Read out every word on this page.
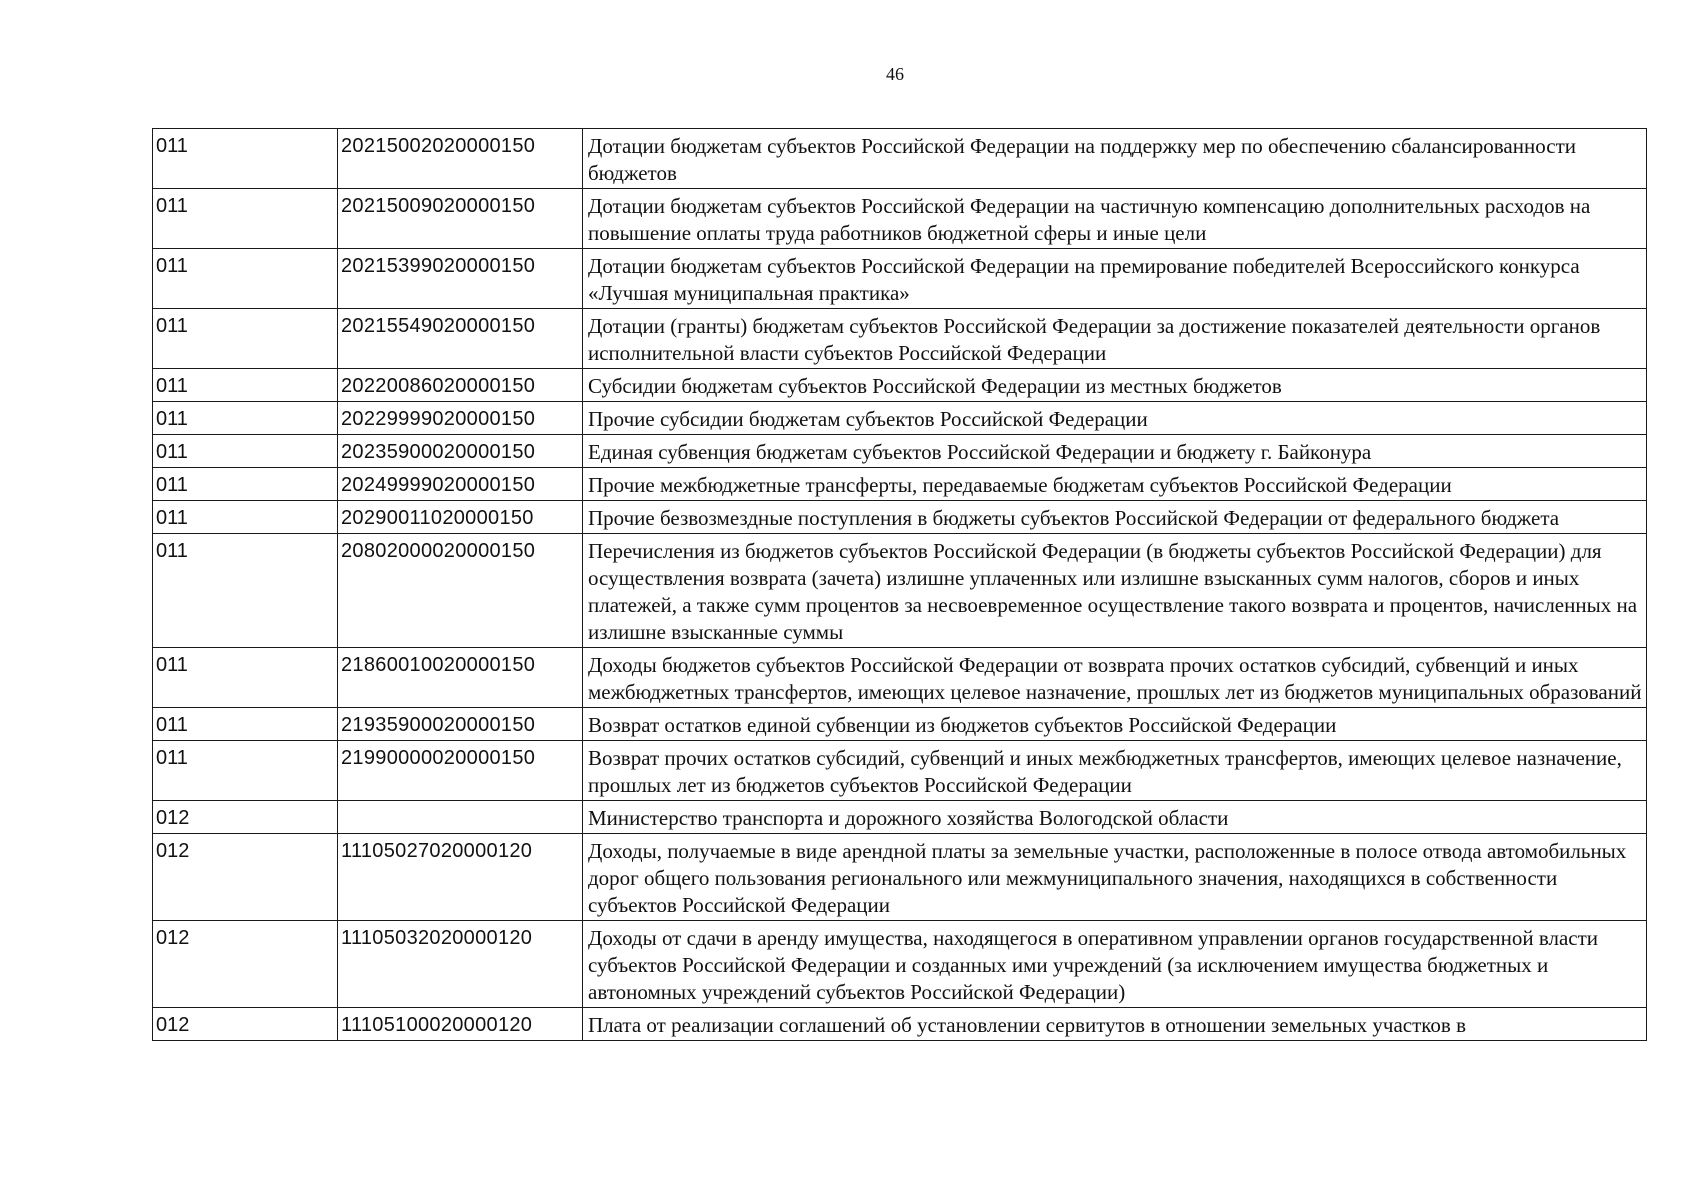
46
011	20215002020000150	Дотации бюджетам субъектов Российской Федерации на поддержку мер по обеспечению сбалансированности бюджетов
011	20215009020000150	Дотации бюджетам субъектов Российской Федерации на частичную компенсацию дополнительных расходов на повышение оплаты труда работников бюджетной сферы и иные цели
011	20215399020000150	Дотации бюджетам субъектов Российской Федерации на премирование победителей Всероссийского конкурса «Лучшая муниципальная практика»
011	20215549020000150	Дотации (гранты) бюджетам субъектов Российской Федерации за достижение показателей деятельности органов исполнительной власти субъектов Российской Федерации
011	20220086020000150	Субсидии бюджетам субъектов Российской Федерации из местных бюджетов
011	20229999020000150	Прочие субсидии бюджетам субъектов Российской Федерации
011	20235900020000150	Единая субвенция бюджетам субъектов Российской Федерации и бюджету г. Байконура
011	20249999020000150	Прочие межбюджетные трансферты, передаваемые бюджетам субъектов Российской Федерации
011	20290011020000150	Прочие безвозмездные поступления в бюджеты субъектов Российской Федерации от федерального бюджета
011	20802000020000150	Перечисления из бюджетов субъектов Российской Федерации (в бюджеты субъектов Российской Федерации) для осуществления возврата (зачета) излишне уплаченных или излишне взысканных сумм налогов, сборов и иных платежей, а также сумм процентов за несвоевременное осуществление такого возврата и процентов, начисленных на излишне взысканные суммы
011	21860010020000150	Доходы бюджетов субъектов Российской Федерации от возврата прочих остатков субсидий, субвенций и иных межбюджетных трансфертов, имеющих целевое назначение, прошлых лет из бюджетов муниципальных образований
011	21935900020000150	Возврат остатков единой субвенции из бюджетов субъектов Российской Федерации
011	21990000020000150	Возврат прочих остатков субсидий, субвенций и иных межбюджетных трансфертов, имеющих целевое назначение, прошлых лет из бюджетов субъектов Российской Федерации
012		Министерство транспорта и дорожного хозяйства Вологодской области
012	11105027020000120	Доходы, получаемые в виде арендной платы за земельные участки, расположенные в полосе отвода автомобильных дорог общего пользования регионального или межмуниципального значения, находящихся в собственности субъектов Российской Федерации
012	11105032020000120	Доходы от сдачи в аренду имущества, находящегося в оперативном управлении органов государственной власти субъектов Российской Федерации и созданных ими учреждений (за исключением имущества бюджетных и автономных учреждений субъектов Российской Федерации)
012	11105100020000120	Плата от реализации соглашений об установлении сервитутов в отношении земельных участков в
